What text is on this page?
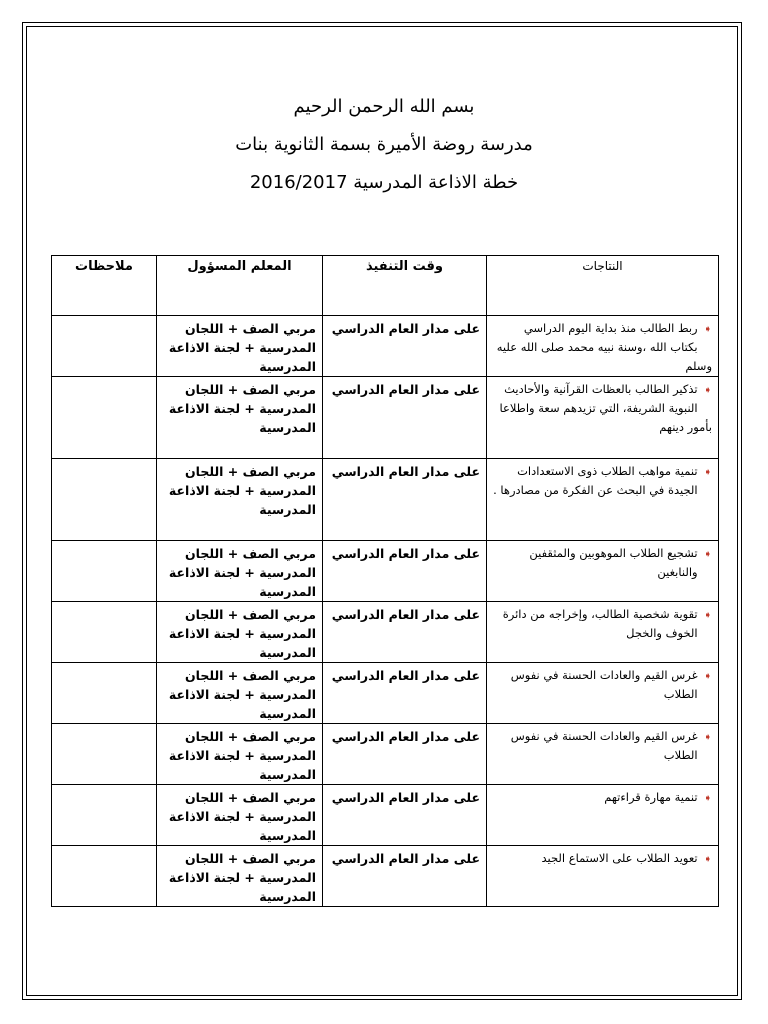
بسم الله الرحمن الرحيم
مدرسة روضة الأميرة بسمة الثانوية بنات
خطة الاذاعة المدرسية 2016/2017
النتاجات	وقت التنفيذ	المعلم المسؤول	ملاحظات

➧
ربط الطالب منذ بداية اليوم الدراسي بكتاب الله ،وسنة نبيه محمد صلى الله عليه وسلم	على مدار العام الدراسي	مربي الصف + اللجان المدرسية + لجنة الاذاعة المدرسية	

➧
تذكير الطالب بالعظات القرآنية والأحاديث النبوية الشريفة، التي تزيدهم سعة واطلاعا بأمور دينهم	على مدار العام الدراسي	مربي الصف + اللجان المدرسية + لجنة الاذاعة المدرسية	

➧
تنمية مواهب الطلاب ذوى الاستعدادات الجيدة في البحث عن الفكرة من مصادرها .	على مدار العام الدراسي	مربي الصف + اللجان المدرسية + لجنة الاذاعة المدرسية	

➧
تشجيع الطلاب الموهوبين والمثقفين والنابغين	على مدار العام الدراسي	مربي الصف + اللجان المدرسية + لجنة الاذاعة المدرسية	

➧
تقوية شخصية الطالب، وإخراجه من دائرة الخوف والخجل	على مدار العام الدراسي	مربي الصف + اللجان المدرسية + لجنة الاذاعة المدرسية	

➧
غرس القيم والعادات الحسنة في نفوس الطلاب	على مدار العام الدراسي	مربي الصف + اللجان المدرسية + لجنة الاذاعة المدرسية	

➧
غرس القيم والعادات الحسنة في نفوس الطلاب	على مدار العام الدراسي	مربي الصف + اللجان المدرسية + لجنة الاذاعة المدرسية	

➧
تنمية مهارة قراءتهم	على مدار العام الدراسي	مربي الصف + اللجان المدرسية + لجنة الاذاعة المدرسية	

➧
تعويد الطلاب على الاستماع الجيد	على مدار العام الدراسي	مربي الصف + اللجان المدرسية + لجنة الاذاعة المدرسية	
